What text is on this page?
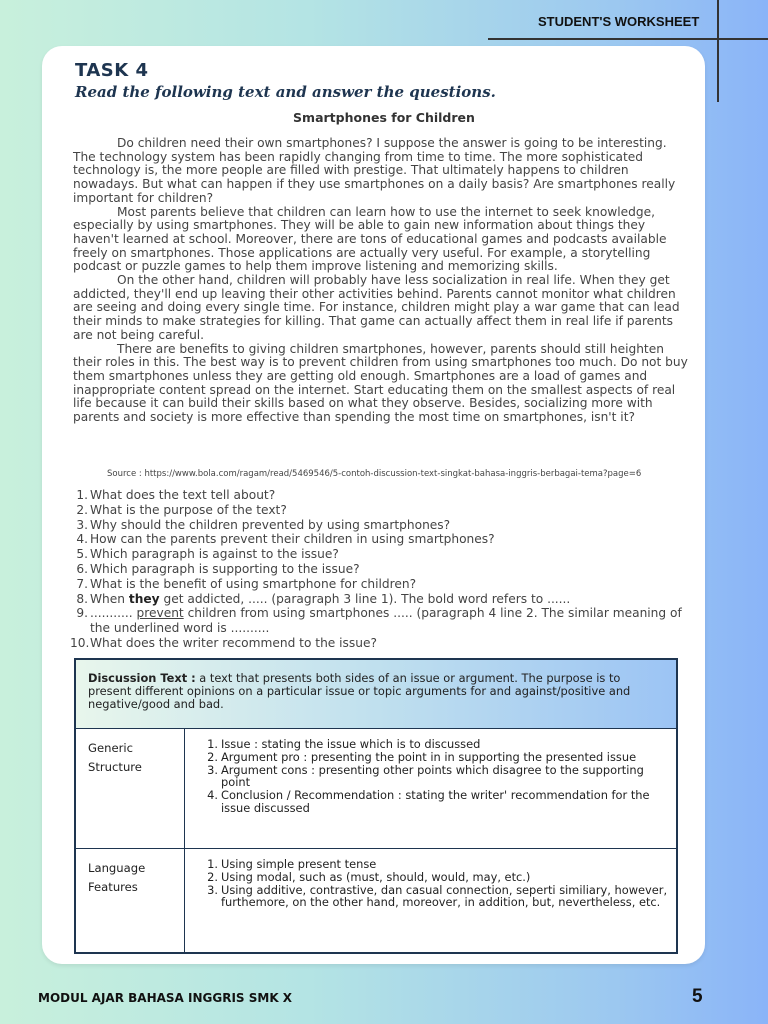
STUDENT'S WORKSHEET
TASK 4
Read the following text and answer the questions.
Smartphones for Children

Do children need their own smartphones? I suppose the answer is going to be interesting. The technology system has been rapidly changing from time to time. The more sophisticated technology is, the more people are filled with prestige. That ultimately happens to children nowadays. But what can happen if they use smartphones on a daily basis? Are smartphones really important for children?

Most parents believe that children can learn how to use the internet to seek knowledge, especially by using smartphones. They will be able to gain new information about things they haven't learned at school. Moreover, there are tons of educational games and podcasts available freely on smartphones. Those applications are actually very useful. For example, a storytelling podcast or puzzle games to help them improve listening and memorizing skills.

On the other hand, children will probably have less socialization in real life. When they get addicted, they'll end up leaving their other activities behind. Parents cannot monitor what children are seeing and doing every single time. For instance, children might play a war game that can lead their minds to make strategies for killing. That game can actually affect them in real life if parents are not being careful.

There are benefits to giving children smartphones, however, parents should still heighten their roles in this. The best way is to prevent children from using smartphones too much. Do not buy them smartphones unless they are getting old enough. Smartphones are a load of games and inappropriate content spread on the internet. Start educating them on the smallest aspects of real life because it can build their skills based on what they observe. Besides, socializing more with parents and society is more effective than spending the most time on smartphones, isn't it?

Source : https://www.bola.com/ragam/read/5469546/5-contoh-discussion-text-singkat-bahasa-inggris-berbagai-tema?page=6
1. What does the text tell about?
2. What is the purpose of the text?
3. Why should the children prevented by using smartphones?
4. How can the parents prevent their children in using smartphones?
5. Which paragraph is against to the issue?
6. Which paragraph is supporting to the issue?
7. What is the benefit of using smartphone for children?
8. When they get addicted, ..... (paragraph 3 line 1). The bold word refers to ......
9. ........... prevent children from using smartphones ..... (paragraph 4 line 2. The similar meaning of the underlined word is ..........
10. What does the writer recommend to the issue?
Discussion Text : a text that presents both sides of an issue or argument. The purpose is to present different opinions on a particular issue or topic arguments for and against/positive and negative/good and bad.
Generic Structure
1. Issue : stating the issue which is to discussed
2. Argument pro : presenting the point in in supporting the presented issue
3. Argument cons : presenting other points which disagree to the supporting point
4. Conclusion / Recommendation : stating the writer' recommendation for the issue discussed
Language Features
1. Using simple present tense
2. Using modal, such as (must, should, would, may, etc.)
3. Using additive, contrastive, dan casual connection, seperti similiary, however, furthemore, on the other hand, moreover, in addition, but, nevertheless, etc.
MODUL AJAR BAHASA INGGRIS SMK X	5
